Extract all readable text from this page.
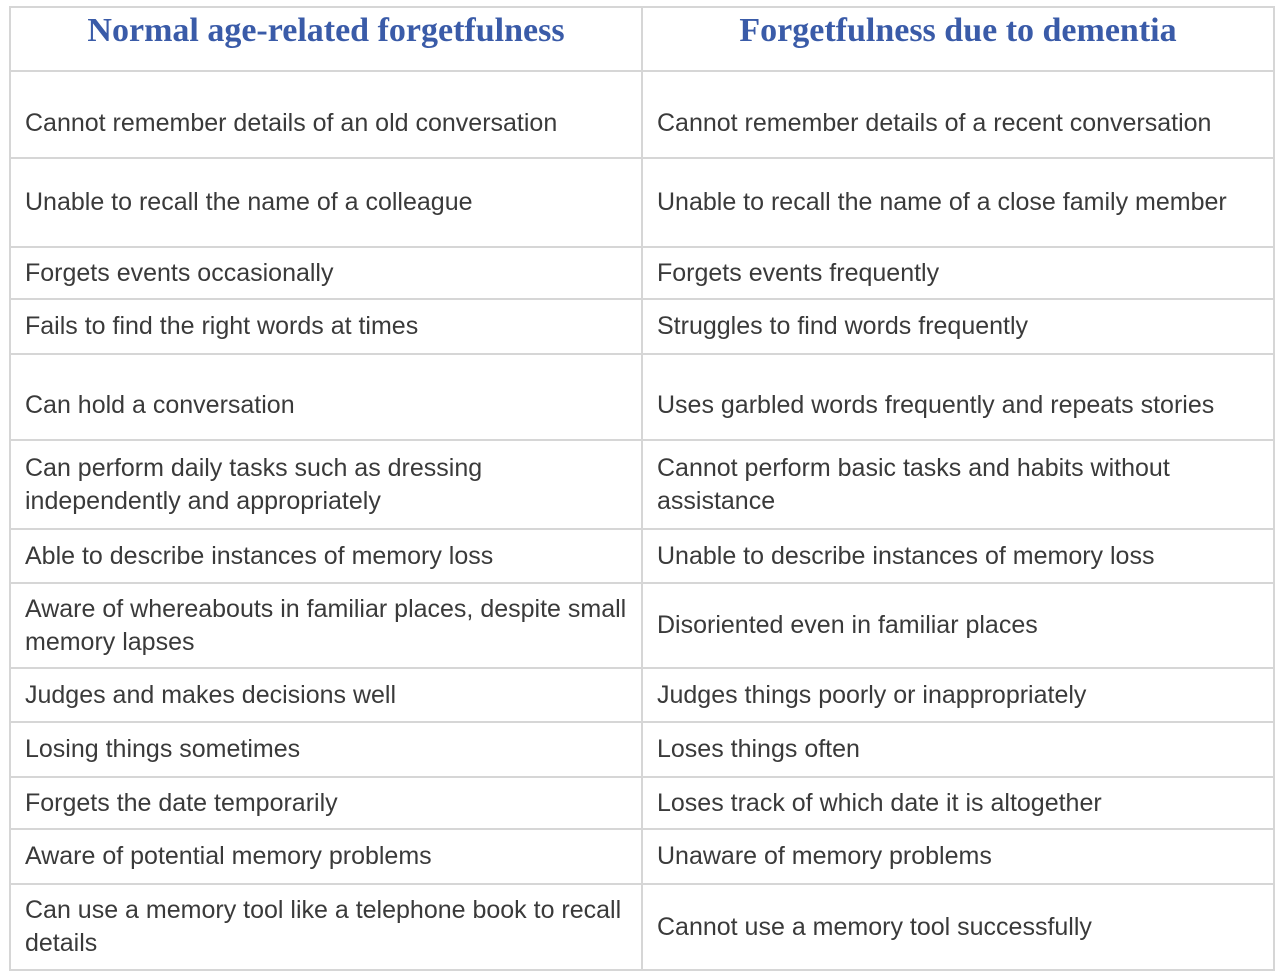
Normal age-related forgetfulness	Forgetfulness due to dementia
Cannot remember details of an old conversation	Cannot remember details of a recent conversation
Unable to recall the name of a colleague	Unable to recall the name of a close family member
Forgets events occasionally	Forgets events frequently
Fails to find the right words at times	Struggles to find words frequently
Can hold a conversation	Uses garbled words frequently and repeats stories
Can perform daily tasks such as dressing independently and appropriately	Cannot perform basic tasks and habits without assistance
Able to describe instances of memory loss	Unable to describe instances of memory loss
Aware of whereabouts in familiar places, despite small memory lapses	Disoriented even in familiar places
Judges and makes decisions well	Judges things poorly or inappropriately
Losing things sometimes	Loses things often
Forgets the date temporarily	Loses track of which date it is altogether
Aware of potential memory problems	Unaware of memory problems
Can use a memory tool like a telephone book to recall details	Cannot use a memory tool successfully
